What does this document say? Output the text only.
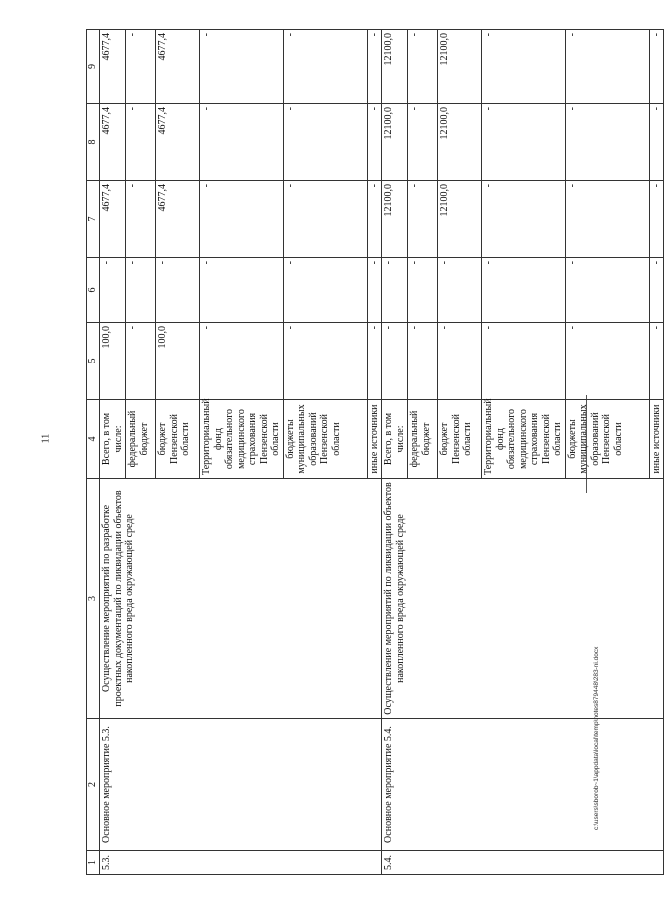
11
c:\users\sborob~1\appdata\local\temp\notes879448\283-ni.docx
1	2	3	4	5	6	7	8	9
5.3.	Основное мероприятие 5.3.	Осуществление мероприятий по разработке проектных документаций по ликвидации объектов накопленного вреда окружающей среде	Всего, в том числе:	100,0	-	4677,4	4677,4	4677,4
			федеральный бюджет	-	-	-	-	-
			бюджет Пензенской области	100,0	-	4677,4	4677,4	4677,4
			Территориальный фонд обязательного медицинского страхования Пензенской области	-	-	-	-	-
			бюджеты муниципальных образований Пензенской области	-	-	-	-	-
			иные источники	-	-	-	-	-
5.4.	Основное мероприятие 5.4.	Осуществление мероприятий по ликвидации объектов накопленного вреда окружающей среде	Всего, в том числе:	-	-	12100,0	12100,0	12100,0
			федеральный бюджет	-	-	-	-	-
			бюджет Пензенской области	-	-	12100,0	12100,0	12100,0
			Территориальный фонд обязательного медицинского страхования Пензенской области	-	-	-	-	-
			бюджеты муниципальных образований Пензенской области	-	-	-	-	-
			иные источники	-	-	-	-	-
